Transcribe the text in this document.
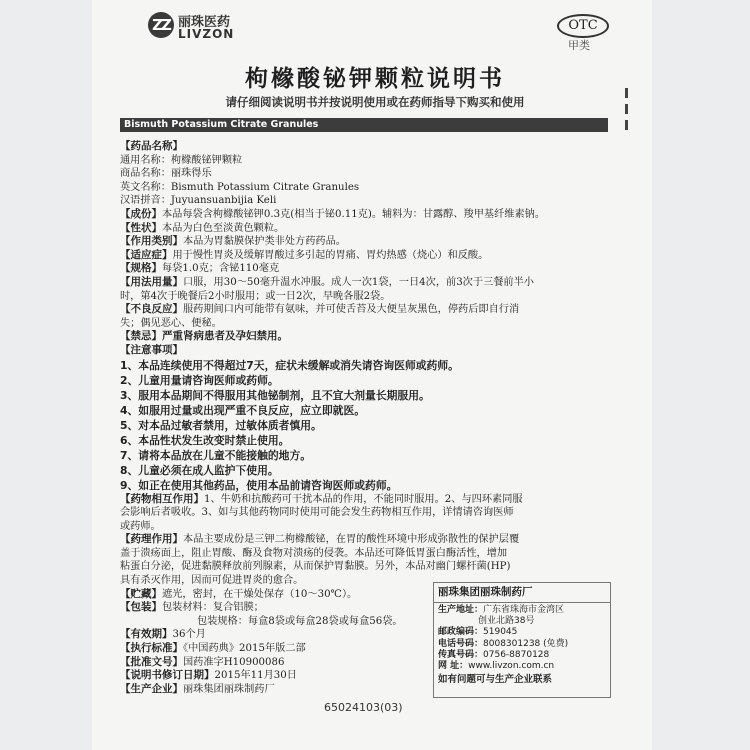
ZZ 丽珠医药
LIVZON
OTC
甲类
枸橼酸铋钾颗粒说明书
请仔细阅读说明书并按说明使用或在药师指导下购买和使用
Bismuth Potassium Citrate Granules
【药品名称】
通用名称：枸橼酸铋钾颗粒
商品名称：丽珠得乐
英文名称：Bismuth Potassium Citrate Granules
汉语拼音：Juyuansuanbijia Keli
【成份】本品每袋含枸橼酸铋钾0.3克(相当于铋0.11克)。辅料为：甘露醇、羧甲基纤维素钠。
【性状】本品为白色至淡黄色颗粒。
【作用类别】本品为胃黏膜保护类非处方药药品。
【适应症】用于慢性胃炎及缓解胃酸过多引起的胃痛、胃灼热感（烧心）和反酸。
【规格】每袋1.0克；含铋110毫克
【用法用量】口服，用30～50毫升温水冲服。成人一次1袋，一日4次，前3次于三餐前半小
时，第4次于晚餐后2小时服用；或一日2次，早晚各服2袋。
【不良反应】服药期间口内可能带有氨味，并可使舌苔及大便呈灰黑色，停药后即自行消
失；偶见恶心、便秘。
【禁忌】严重肾病患者及孕妇禁用。
【注意事项】
1、本品连续使用不得超过7天，症状未缓解或消失请咨询医师或药师。
2、儿童用量请咨询医师或药师。
3、服用本品期间不得服用其他铋制剂，且不宜大剂量长期服用。
4、如服用过量或出现严重不良反应，应立即就医。
5、对本品过敏者禁用，过敏体质者慎用。
6、本品性状发生改变时禁止使用。
7、请将本品放在儿童不能接触的地方。
8、儿童必须在成人监护下使用。
9、如正在使用其他药品，使用本品前请咨询医师或药师。
【药物相互作用】1、牛奶和抗酸药可干扰本品的作用，不能同时服用。2、与四环素同服
会影响后者吸收。3、如与其他药物同时使用可能会发生药物相互作用，详情请咨询医师
或药师。
【药理作用】本品主要成份是三钾二枸橼酸铋，在胃的酸性环境中形成弥散性的保护层覆
盖于溃疡面上，阻止胃酸、酶及食物对溃疡的侵袭。本品还可降低胃蛋白酶活性，增加
粘蛋白分泌，促进黏膜释放前列腺素，从而保护胃黏膜。另外，本品对幽门螺杆菌(HP)
具有杀灭作用，因而可促进胃炎的愈合。
【贮藏】遮光，密封，在干燥处保存（10～30℃）。
【包装】包装材料：复合铝膜；
包装规格：每盒8袋或每盒28袋或每盒56袋。
【有效期】36个月
【执行标准】《中国药典》2015年版二部
【批准文号】国药准字H10900086
【说明书修订日期】2015年11月30日
【生产企业】丽珠集团丽珠制药厂
丽珠集团丽珠制药厂
生产地址：广东省珠海市金湾区
创业北路38号
邮政编码：519045
电话号码：8008301238 (免费)
传真号码：0756-8870128
网 址：www.livzon.com.cn
如有问题可与生产企业联系
65024103(03)
